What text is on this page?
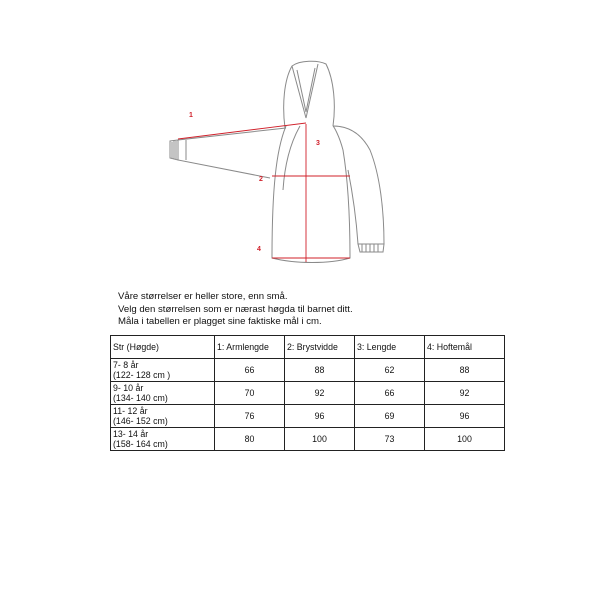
1
2
3
4
Våre størrelser er heller store, enn små.
Velg den størrelsen som er nærast høgda til barnet ditt.
Måla i tabellen er plagget sine faktiske mål i cm.
Str (Høgde)	1: Armlengde	2: Brystvidde	3: Lengde	4: Hoftemål

7- 8 år
(122- 128 cm )	66	88	62	88

9- 10 år
(134- 140 cm)	70	92	66	92

11- 12 år
(146- 152 cm)	76	96	69	96

13- 14 år
(158- 164 cm)	80	100	73	100
